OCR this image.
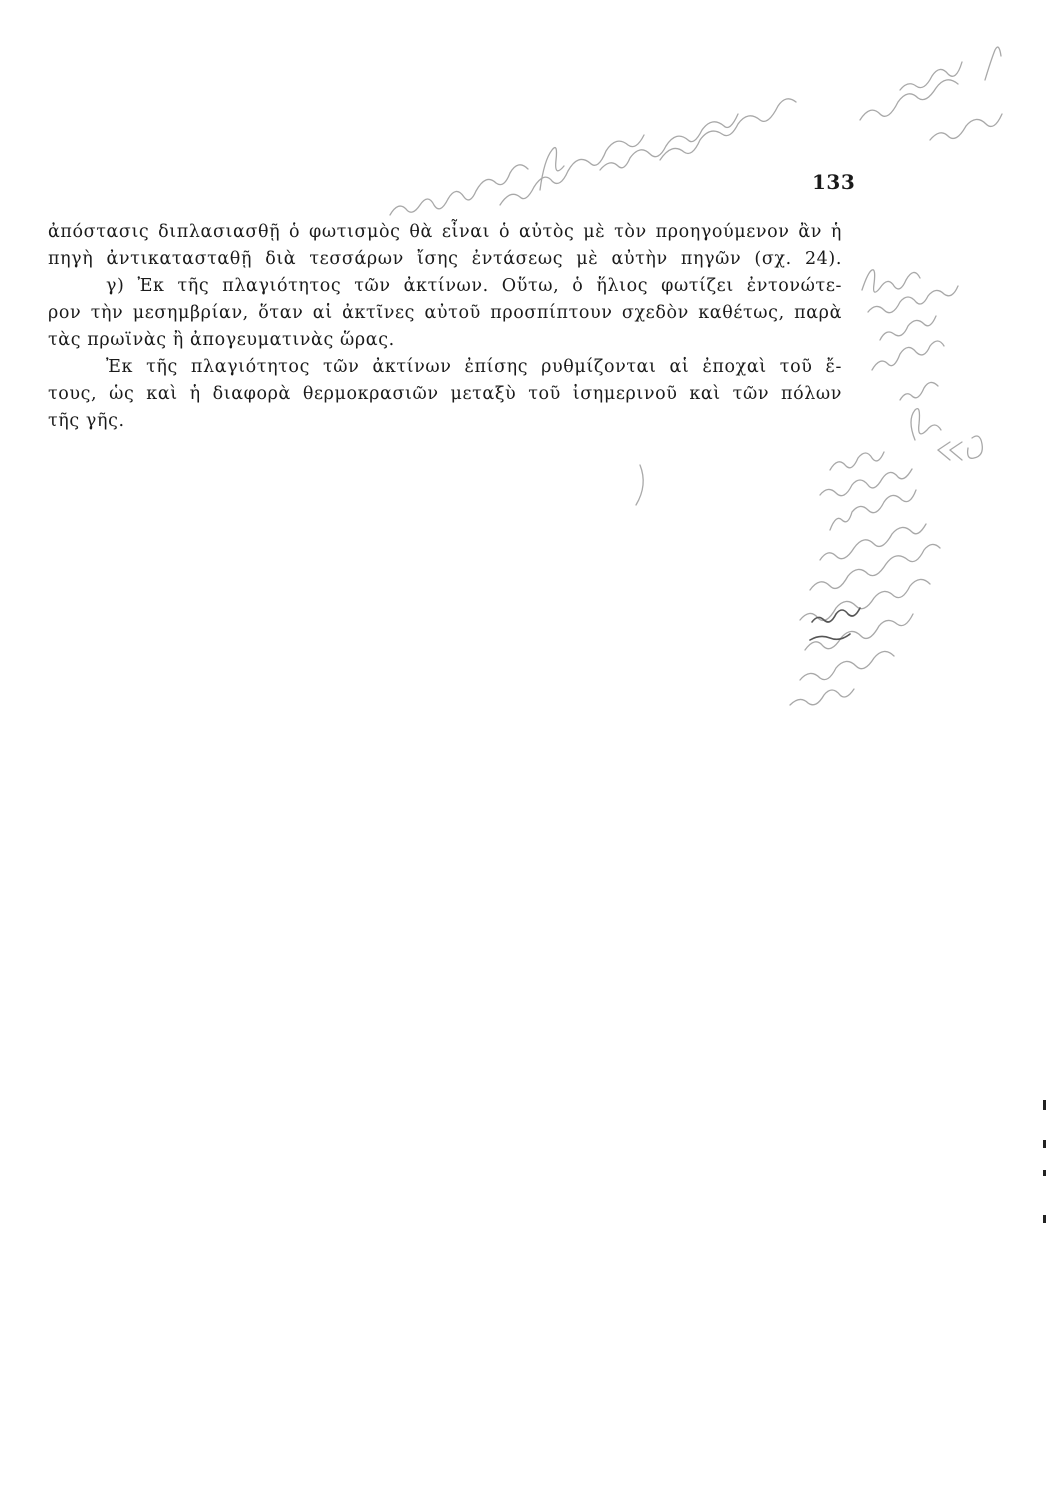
133
ἀπόστασις διπλασιασθῇ ὁ φωτισμὸς θὰ εἶναι ὁ αὐτὸς μὲ τὸν προηγούμενον ἂν ἡ
πηγὴ ἀντικατασταθῇ διὰ τεσσάρων ἴσης ἐντάσεως μὲ αὐτὴν πηγῶν (σχ. 24).
γ) Ἐκ τῆς πλαγιότητος τῶν ἀκτίνων. Οὕτω, ὁ ἥλιος φωτίζει ἐντονώτε-
ρον τὴν μεσημβρίαν, ὅταν αἱ ἀκτῖνες αὐτοῦ προσπίπτουν σχεδὸν καθέτως, παρὰ
τὰς πρωϊνὰς ἢ ἀπογευματινὰς ὥρας.
Ἐκ τῆς πλαγιότητος τῶν ἀκτίνων ἐπίσης ρυθμίζονται αἱ ἐποχαὶ τοῦ ἔ-
τους, ὡς καὶ ἡ διαφορὰ θερμοκρασιῶν μεταξὺ τοῦ ἰσημερινοῦ καὶ τῶν πόλων
τῆς γῆς.
